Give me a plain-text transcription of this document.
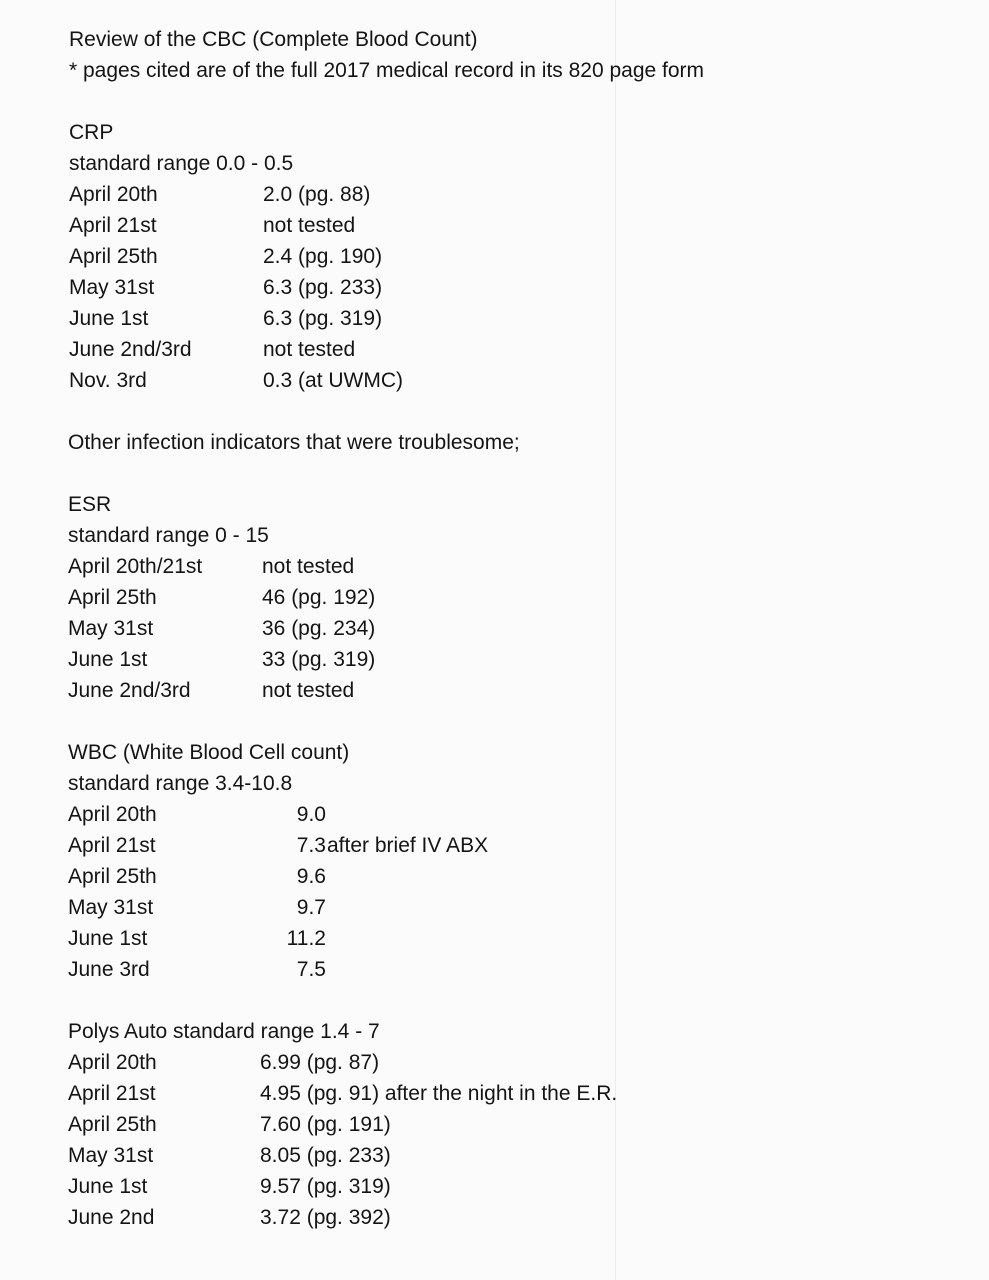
Review of the CBC (Complete Blood Count)
* pages cited are of the full 2017 medical record in its 820 page form
CRP
standard range 0.0 - 0.5
April 20th	2.0 (pg. 88)
April 21st	not tested
April 25th	2.4 (pg. 190)
May 31st	6.3 (pg. 233)
June 1st	6.3 (pg. 319)
June 2nd/3rd	not tested
Nov. 3rd	0.3 (at UWMC)
Other infection indicators that were troublesome;
ESR
standard range 0 - 15
April 20th/21st	not tested
April 25th	46 (pg. 192)
May 31st	36 (pg. 234)
June 1st	33 (pg. 319)
June 2nd/3rd	not tested
WBC (White Blood Cell count)
standard range 3.4-10.8
April 20th	9.0
April 21st	7.3 after brief IV ABX
April 25th	9.6
May 31st	9.7
June 1st	11.2
June 3rd	7.5
Polys Auto standard range 1.4 - 7
April 20th	6.99 (pg. 87)
April 21st	4.95 (pg. 91) after the night in the E.R.
April 25th	7.60 (pg. 191)
May 31st	8.05 (pg. 233)
June 1st	9.57 (pg. 319)
June 2nd	3.72 (pg. 392)
